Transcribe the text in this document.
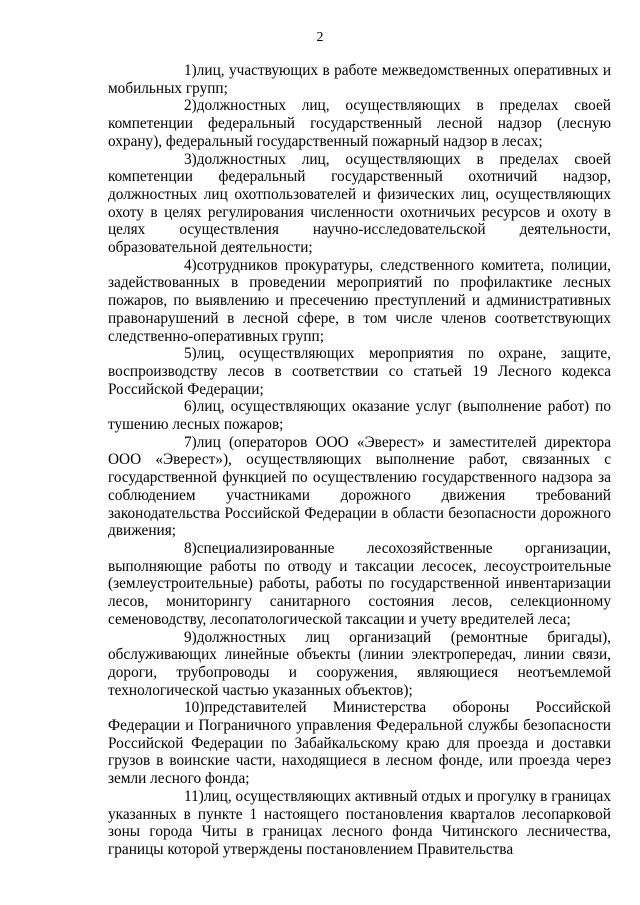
2

1)лиц, участвующих в работе межведомственных оперативных и мобильных групп;

2)должностных лиц, осуществляющих в пределах своей компетенции федеральный государственный лесной надзор (лесную охрану), федеральный государственный пожарный надзор в лесах;

3)должностных лиц, осуществляющих в пределах своей компетенции федеральный государственный охотничий надзор, должностных лиц охотпользователей и физических лиц, осуществляющих охоту в целях регулирования численности охотничьих ресурсов и охоту в целях осуществления научно-исследовательской деятельности, образовательной деятельности;

4)сотрудников прокуратуры, следственного комитета, полиции, задействованных в проведении мероприятий по профилактике лесных пожаров, по выявлению и пресечению преступлений и административных правонарушений в лесной сфере, в том числе членов соответствующих следственно-оперативных групп;

5)лиц, осуществляющих мероприятия по охране, защите, воспроизводству лесов в соответствии со статьей 19 Лесного кодекса Российской Федерации;

6)лиц, осуществляющих оказание услуг (выполнение работ) по тушению лесных пожаров;

7)лиц (операторов ООО «Эверест» и заместителей директора ООО «Эверест»), осуществляющих выполнение работ, связанных с государственной функцией по осуществлению государственного надзора за соблюдением участниками дорожного движения требований законодательства Российской Федерации в области безопасности дорожного движения;

8)специализированные лесохозяйственные организации, выполняющие работы по отводу и таксации лесосек, лесоустроительные (землеустроительные) работы, работы по государственной инвентаризации лесов, мониторингу санитарного состояния лесов, селекционному семеноводству, лесопатологической таксации и учету вредителей леса;

9)должностных лиц организаций (ремонтные бригады), обслуживающих линейные объекты (линии электропередач, линии связи, дороги, трубопроводы и сооружения, являющиеся неотъемлемой технологической частью указанных объектов);

10)представителей Министерства обороны Российской Федерации и Пограничного управления Федеральной службы безопасности Российской Федерации по Забайкальскому краю для проезда и доставки грузов в воинские части, находящиеся в лесном фонде, или проезда через земли лесного фонда;

11)лиц, осуществляющих активный отдых и прогулку в границах указанных в пункте 1 настоящего постановления кварталов лесопарковой зоны города Читы в границах лесного фонда Читинского лесничества, границы которой утверждены постановлением Правительства
